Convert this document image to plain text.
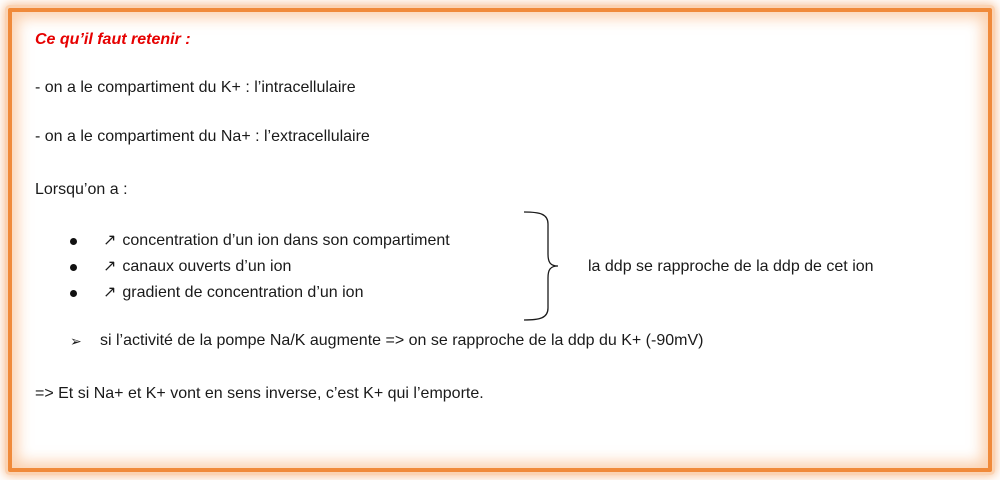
Ce qu’il faut retenir :
- on a le compartiment du K+ : l’intracellulaire
- on a le compartiment du Na+ : l’extracellulaire
Lorsqu’on a :
↗ concentration d’un ion dans son compartiment
↗ canaux ouverts d’un ion
↗ gradient de concentration d’un ion
la ddp se rapproche de la ddp de cet ion
➢ si l’activité de la pompe Na/K augmente => on se rapproche de la ddp du K+ (-90mV)
=> Et si Na+ et K+ vont en sens inverse, c’est K+ qui l’emporte.
